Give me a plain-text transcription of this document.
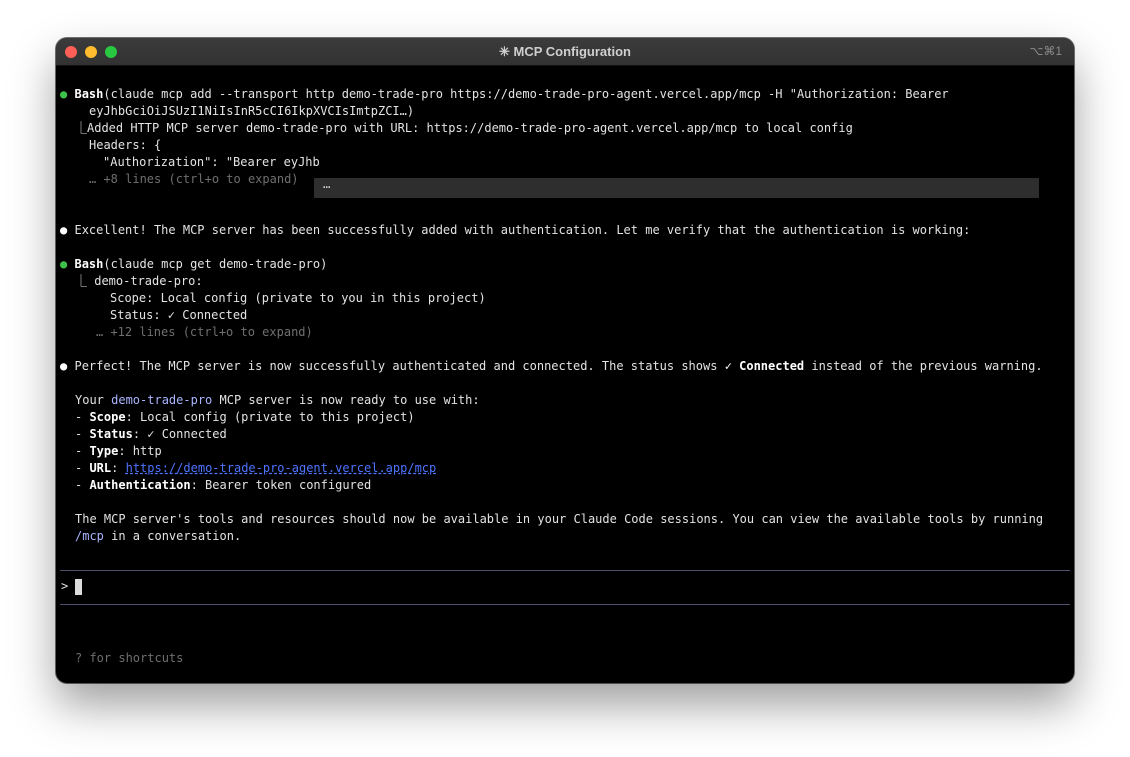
✳ MCP Configuration	⌥⌘1
● Bash(claude mcp add --transport http demo-trade-pro https://demo-trade-pro-agent.vercel.app/mcp -H "Authorization: Bearer
eyJhbGciOiJSUzI1NiIsInR5cCI6IkpXVCIsImtpZCI…)
⎿Added HTTP MCP server demo-trade-pro with URL: https://demo-trade-pro-agent.vercel.app/mcp to local config
Headers: {
"Authorization": "Bearer eyJhb
… +8 lines (ctrl+o to expand)
⋯
● Excellent! The MCP server has been successfully added with authentication. Let me verify that the authentication is working:
● Bash(claude mcp get demo-trade-pro)
⎿ demo-trade-pro:
Scope: Local config (private to you in this project)
Status: ✓ Connected
… +12 lines (ctrl+o to expand)
● Perfect! The MCP server is now successfully authenticated and connected. The status shows ✓ Connected instead of the previous warning.
Your demo-trade-pro MCP server is now ready to use with:
- Scope: Local config (private to this project)
- Status: ✓ Connected
- Type: http
- URL: https://demo-trade-pro-agent.vercel.app/mcp
- Authentication: Bearer token configured
The MCP server's tools and resources should now be available in your Claude Code sessions. You can view the available tools by running
/mcp in a conversation.
>
? for shortcuts
